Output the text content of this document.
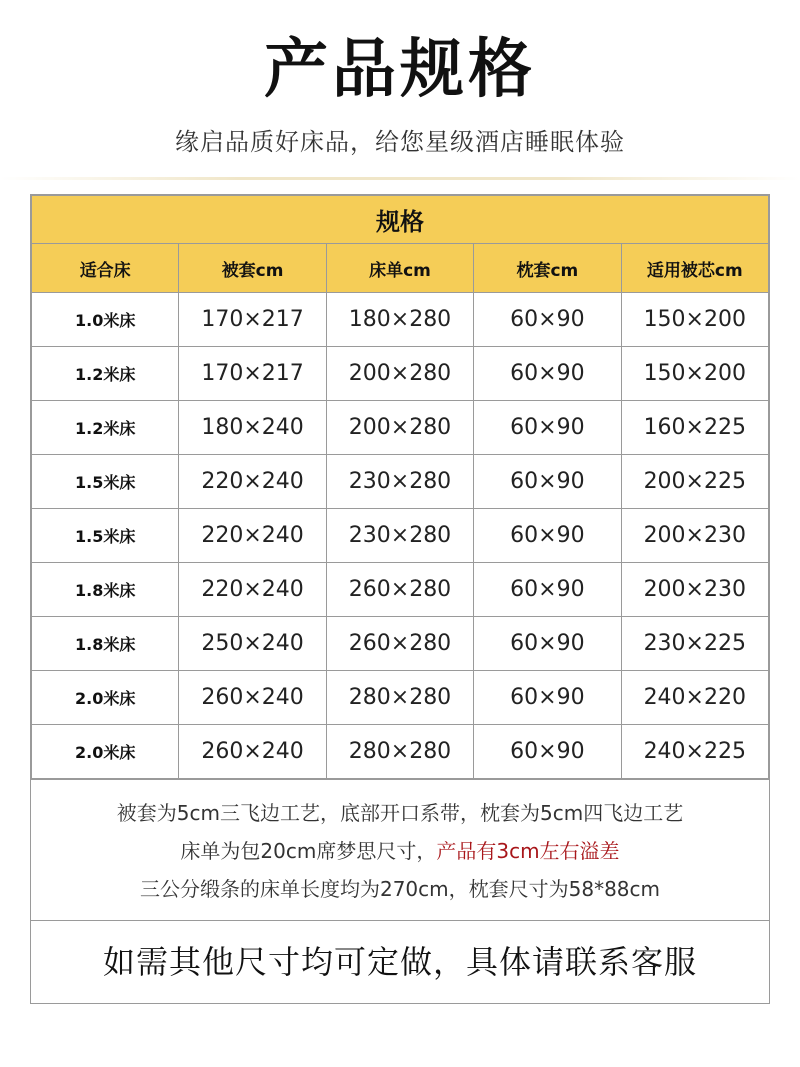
产品规格
缘启品质好床品，给您星级酒店睡眠体验
规格				
适合床	被套cm	床单cm	枕套cm	适用被芯cm
1.0米床	170×217	180×280	60×90	150×200
1.2米床	170×217	200×280	60×90	150×200
1.2米床	180×240	200×280	60×90	160×225
1.5米床	220×240	230×280	60×90	200×225
1.5米床	220×240	230×280	60×90	200×230
1.8米床	220×240	260×280	60×90	200×230
1.8米床	250×240	260×280	60×90	230×225
2.0米床	260×240	280×280	60×90	240×220
2.0米床	260×240	280×280	60×90	240×225
被套为5cm三飞边工艺，底部开口系带，枕套为5cm四飞边工艺
床单为包20cm席梦思尺寸，产品有3cm左右溢差
三公分缎条的床单长度均为270cm，枕套尺寸为58*88cm
如需其他尺寸均可定做，具体请联系客服
